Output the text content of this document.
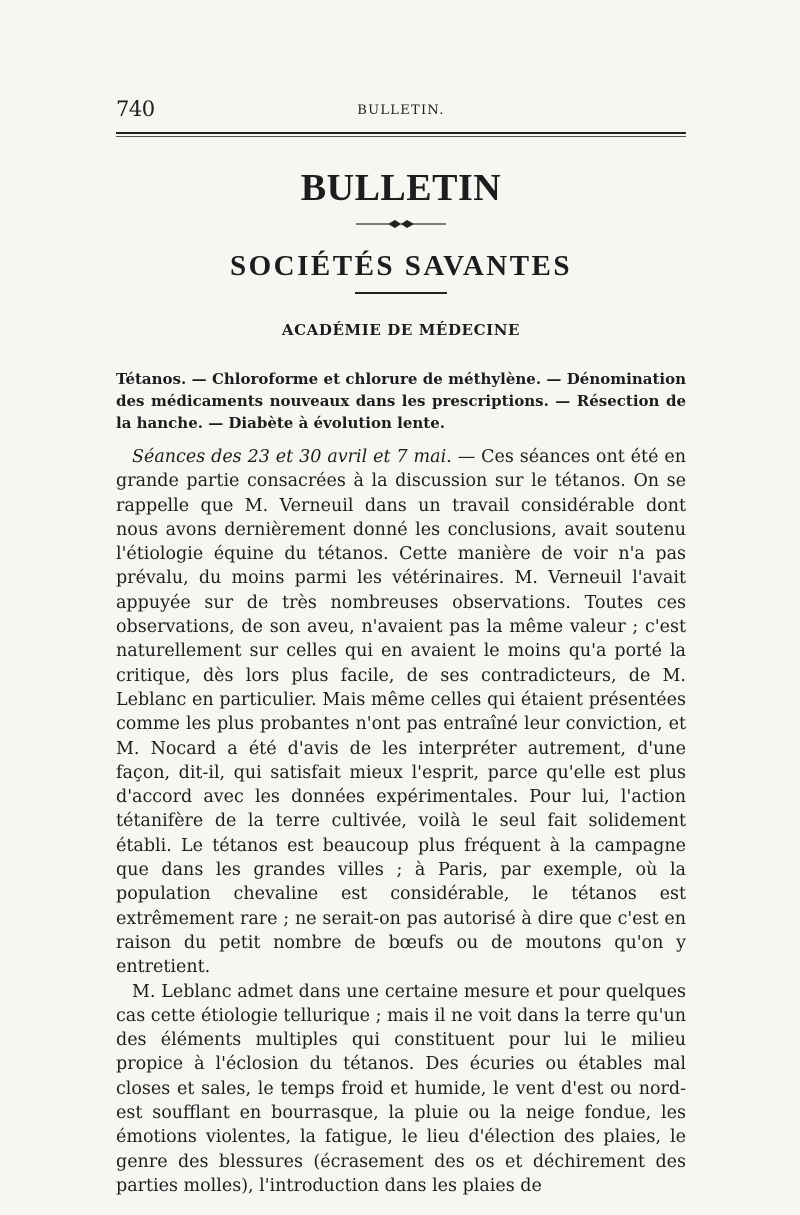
740	BULLETIN.
BULLETIN
SOCIÉTÉS SAVANTES
ACADÉMIE DE MÉDECINE

Tétanos. — Chloroforme et chlorure de méthylène. — Dénomination des médicaments nouveaux dans les prescriptions. — Résection de la hanche. — Diabète à évolution lente.

Séances des 23 et 30 avril et 7 mai. — Ces séances ont été en grande partie consacrées à la discussion sur le tétanos. On se rappelle que M. Verneuil dans un travail considérable dont nous avons dernièrement donné les conclusions, avait soutenu l'étiologie équine du tétanos. Cette manière de voir n'a pas prévalu, du moins parmi les vétérinaires. M. Verneuil l'avait appuyée sur de très nombreuses observations. Toutes ces observations, de son aveu, n'avaient pas la même valeur ; c'est naturellement sur celles qui en avaient le moins qu'a porté la critique, dès lors plus facile, de ses contradicteurs, de M. Leblanc en particulier. Mais même celles qui étaient présentées comme les plus probantes n'ont pas entraîné leur conviction, et M. Nocard a été d'avis de les interpréter autrement, d'une façon, dit-il, qui satisfait mieux l'esprit, parce qu'elle est plus d'accord avec les données expérimentales. Pour lui, l'action tétanifère de la terre cultivée, voilà le seul fait solidement établi. Le tétanos est beaucoup plus fréquent à la campagne que dans les grandes villes ; à Paris, par exemple, où la population chevaline est considérable, le tétanos est extrêmement rare ; ne serait-on pas autorisé à dire que c'est en raison du petit nombre de bœufs ou de moutons qu'on y entretient.

M. Leblanc admet dans une certaine mesure et pour quelques cas cette étiologie tellurique ; mais il ne voit dans la terre qu'un des éléments multiples qui constituent pour lui le milieu propice à l'éclosion du tétanos. Des écuries ou étables mal closes et sales, le temps froid et humide, le vent d'est ou nord-est soufflant en bourrasque, la pluie ou la neige fondue, les émotions violentes, la fatigue, le lieu d'élection des plaies, le genre des blessures (écrasement des os et déchirement des parties molles), l'introduction dans les plaies de
